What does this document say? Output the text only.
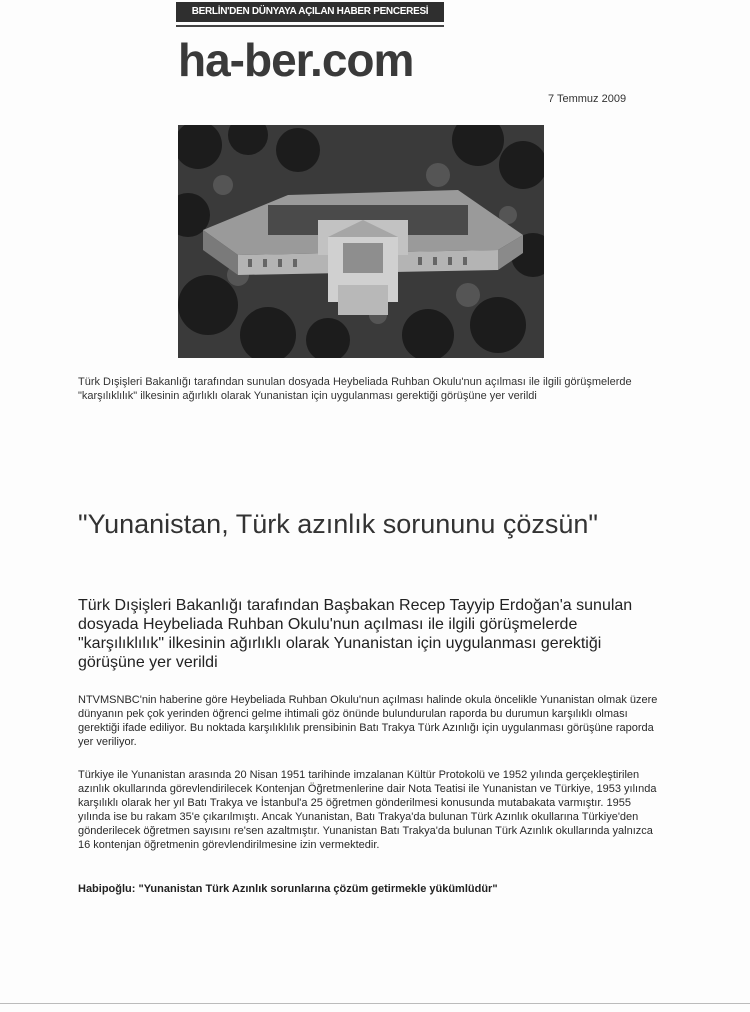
BERLİN'DEN DÜNYAYA AÇILAN HABER PENCERESİ
ha-ber.com
7 Temmuz 2009
Türk Dışişleri Bakanlığı tarafından sunulan dosyada Heybeliada Ruhban Okulu'nun açılması ile ilgili görüşmelerde "karşılıklılık" ilkesinin ağırlıklı olarak Yunanistan için uygulanması gerektiği görüşüne yer verildi
"Yunanistan, Türk azınlık sorununu çözsün"
Türk Dışişleri Bakanlığı tarafından Başbakan Recep Tayyip Erdoğan'a sunulan dosyada Heybeliada Ruhban Okulu'nun açılması ile ilgili görüşmelerde "karşılıklılık" ilkesinin ağırlıklı olarak Yunanistan için uygulanması gerektiği görüşüne yer verildi
NTVMSNBC'nin haberine göre Heybeliada Ruhban Okulu'nun açılması halinde okula öncelikle Yunanistan olmak üzere dünyanın pek çok yerinden öğrenci gelme ihtimali göz önünde bulundurulan raporda bu durumun karşılıklı olması gerektiği ifade ediliyor. Bu noktada karşılıklılık prensibinin Batı Trakya Türk Azınlığı için uygulanması görüşüne raporda yer veriliyor.
Türkiye ile Yunanistan arasında 20 Nisan 1951 tarihinde imzalanan Kültür Protokolü ve 1952 yılında gerçekleştirilen azınlık okullarında görevlendirilecek Kontenjan Öğretmenlerine dair Nota Teatisi ile Yunanistan ve Türkiye, 1953 yılında karşılıklı olarak her yıl Batı Trakya ve İstanbul'a 25 öğretmen gönderilmesi konusunda mutabakata varmıştır. 1955 yılında ise bu rakam 35'e çıkarılmıştı. Ancak Yunanistan, Batı Trakya'da bulunan Türk Azınlık okullarına Türkiye'den gönderilecek öğretmen sayısını re'sen azaltmıştır. Yunanistan Batı Trakya'da bulunan Türk Azınlık okullarında yalnızca 16 kontenjan öğretmenin görevlendirilmesine izin vermektedir.
Habipoğlu: "Yunanistan Türk Azınlık sorunlarına çözüm getirmekle yükümlüdür"
